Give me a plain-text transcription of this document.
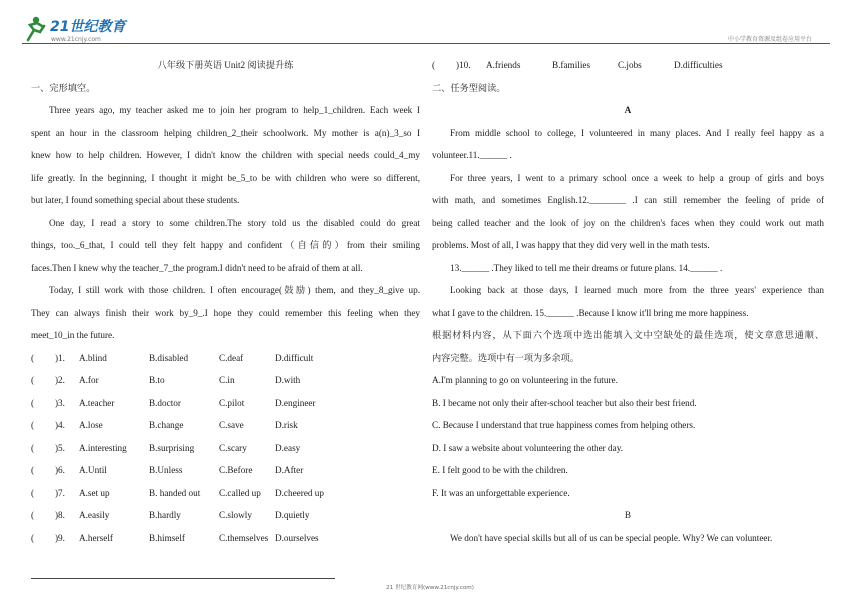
21世纪教育
www.21cnjy.com	中小学教育资源及组卷应用平台
八年级下册英语 Unit2 阅读提升练
一、完形填空。
Three years ago, my teacher asked me to join her program to help_1_children. Each week I
spent an hour in the classroom helping children_2_their schoolwork. My mother is a(n)_3_so I
knew how to help children. However, I didn't know the children with special needs could_4_my
life greatly. In the beginning, I thought it might be_5_to be with children who were so different,
but later, I found something special about these students.
One day, I read a story to some children.The story told us the disabled could do great
things, too._6_that, I could tell they felt happy and confident（自信的）from their smiling
faces.Then I knew why the teacher_7_the program.I didn't need to be afraid of them at all.
Today, I still work with those children. I often encourage(鼓励) them, and they_8_give up.
They can always finish their work by_9_.I hope they could remember this feeling when they
meet_10_in the future.
( )1. A.blind	B.disabled	C.deaf	D.difficult
( )2. A.for	B.to	C.in	D.with
( )3. A.teacher	B.doctor	C.pilot	D.engineer
( )4. A.lose	B.change	C.save	D.risk
( )5. A.interesting B.surprising	C.scary	D.easy
( )6. A.Until	B.Unless	C.Before D.After
( )7. A.set up	B. handed out C.called up D.cheered up
( )8. A.easily	B.hardly	C.slowly	D.quietly
( )9. A.herself	B.himself	C.themselves D.ourselves
( )10. A.friends	B.families	C.jobs	D.difficulties
二、任务型阅读。
A
From middle school to college, I volunteered in many places. And I really feel happy as a
volunteer.11.______ .
For three years, I went to a primary school once a week to help a group of girls and boys
with math, and sometimes English.12.________ .I can still remember the feeling of pride of
being called teacher and the look of joy on the children's faces when they could work out math
problems. Most of all, I was happy that they did very well in the math tests.
13.______ .They liked to tell me their dreams or future plans. 14.______ .
Looking back at those days, I learned much more from the three years' experience than
what I gave to the children. 15.______ .Because I know it'll bring me more happiness.
根据材料内容，从下面六个选项中选出能填入文中空缺处的最佳选项，使文章意思通顺、
内容完整。选项中有一项为多余项。
A.I'm planning to go on volunteering in the future.
B. I became not only their after-school teacher but also their best friend.
C. Because I understand that true happiness comes from helping others.
D. I saw a website about volunteering the other day.
E. I felt good to be with the children.
F. It was an unforgettable experience.
B
We don't have special skills but all of us can be special people. Why? We can volunteer.
21 世纪教育网(www.21cnjy.com)
